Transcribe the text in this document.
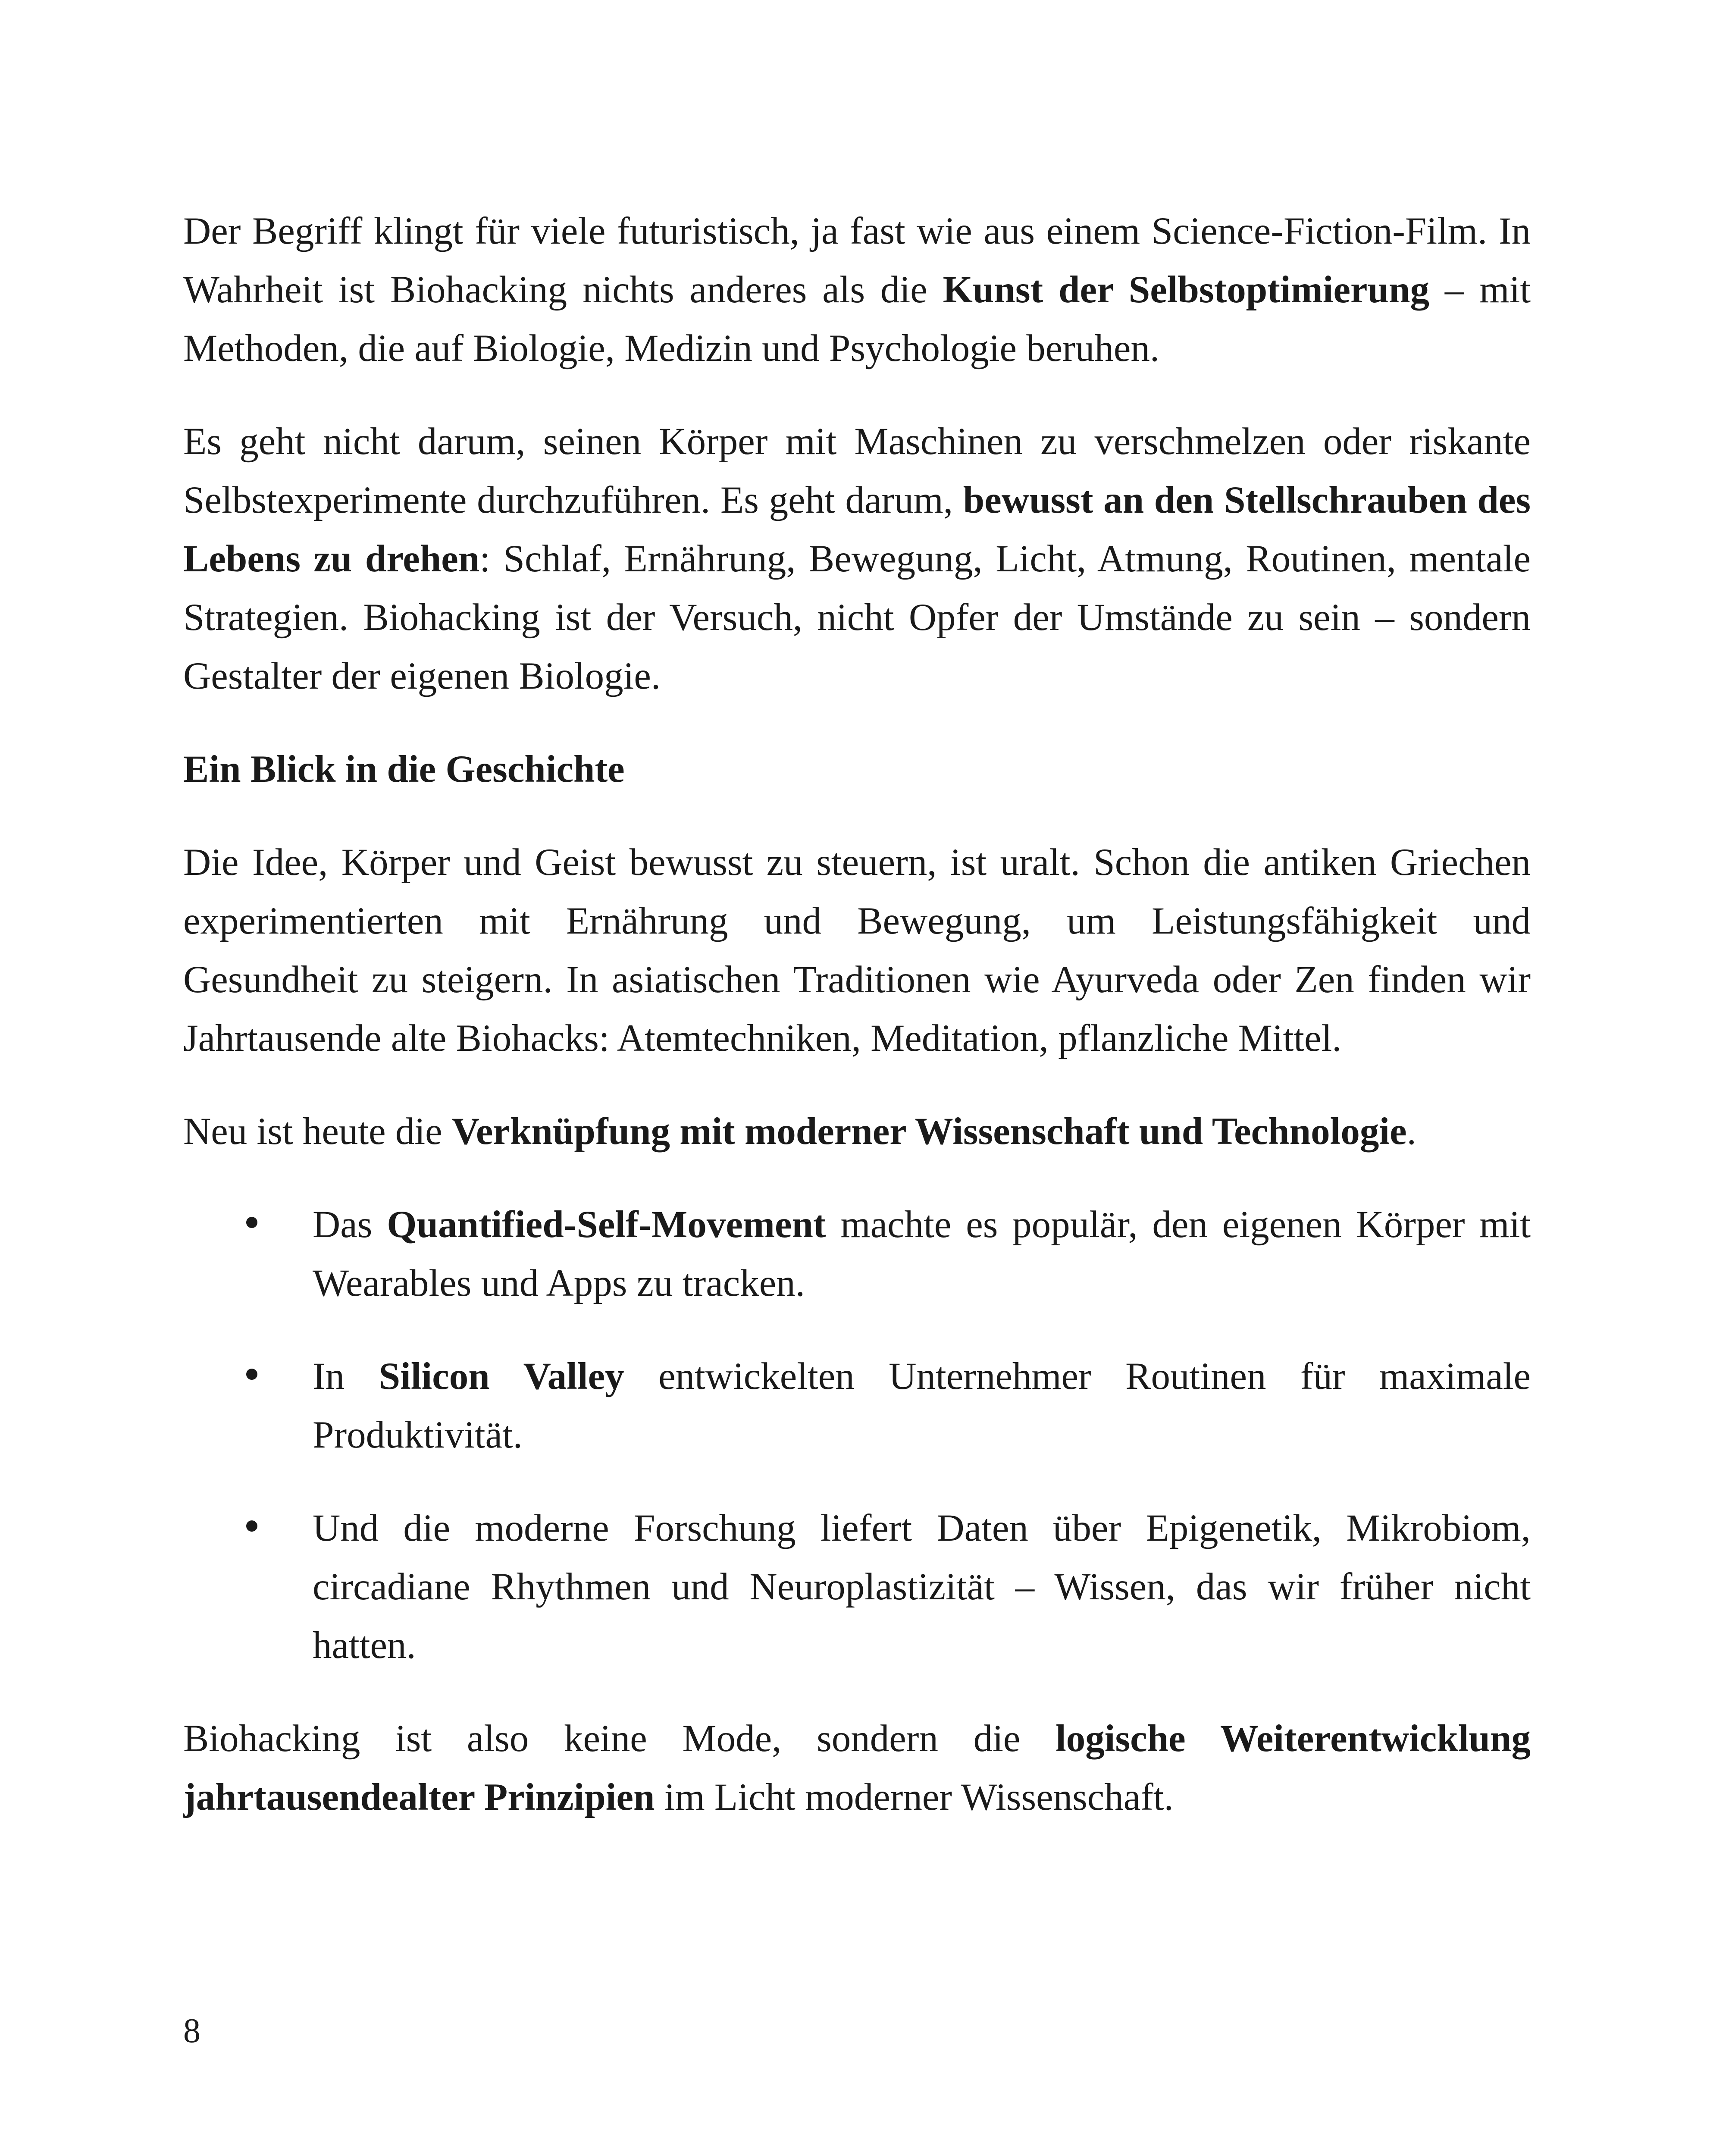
Der Begriff klingt für viele futuristisch, ja fast wie aus einem Science-Fiction-Film. In Wahrheit ist Biohacking nichts anderes als die Kunst der Selbstoptimierung – mit Methoden, die auf Biologie, Medizin und Psychologie beruhen.

Es geht nicht darum, seinen Körper mit Maschinen zu verschmelzen oder riskante Selbstexperimente durchzuführen. Es geht darum, bewusst an den Stellschrauben des Lebens zu drehen: Schlaf, Ernährung, Bewegung, Licht, Atmung, Routinen, mentale Strategien. Biohacking ist der Versuch, nicht Opfer der Umstände zu sein – sondern Gestalter der eigenen Biologie.

Ein Blick in die Geschichte

Die Idee, Körper und Geist bewusst zu steuern, ist uralt. Schon die antiken Griechen experimentierten mit Ernährung und Bewegung, um Leistungsfähigkeit und Gesundheit zu steigern. In asiatischen Traditionen wie Ayurveda oder Zen finden wir Jahrtausende alte Biohacks: Atemtechniken, Meditation, pflanzliche Mittel.

Neu ist heute die Verknüpfung mit moderner Wissenschaft und Technologie.

Das Quantified-Self-Movement machte es populär, den eigenen Körper mit Wearables und Apps zu tracken.
In Silicon Valley entwickelten Unternehmer Routinen für maximale Produktivität.
Und die moderne Forschung liefert Daten über Epigenetik, Mikrobiom, circadiane Rhythmen und Neuroplastizität – Wissen, das wir früher nicht hatten.

Biohacking ist also keine Mode, sondern die logische Weiterentwicklung jahrtausendealter Prinzipien im Licht moderner Wissenschaft.

8
